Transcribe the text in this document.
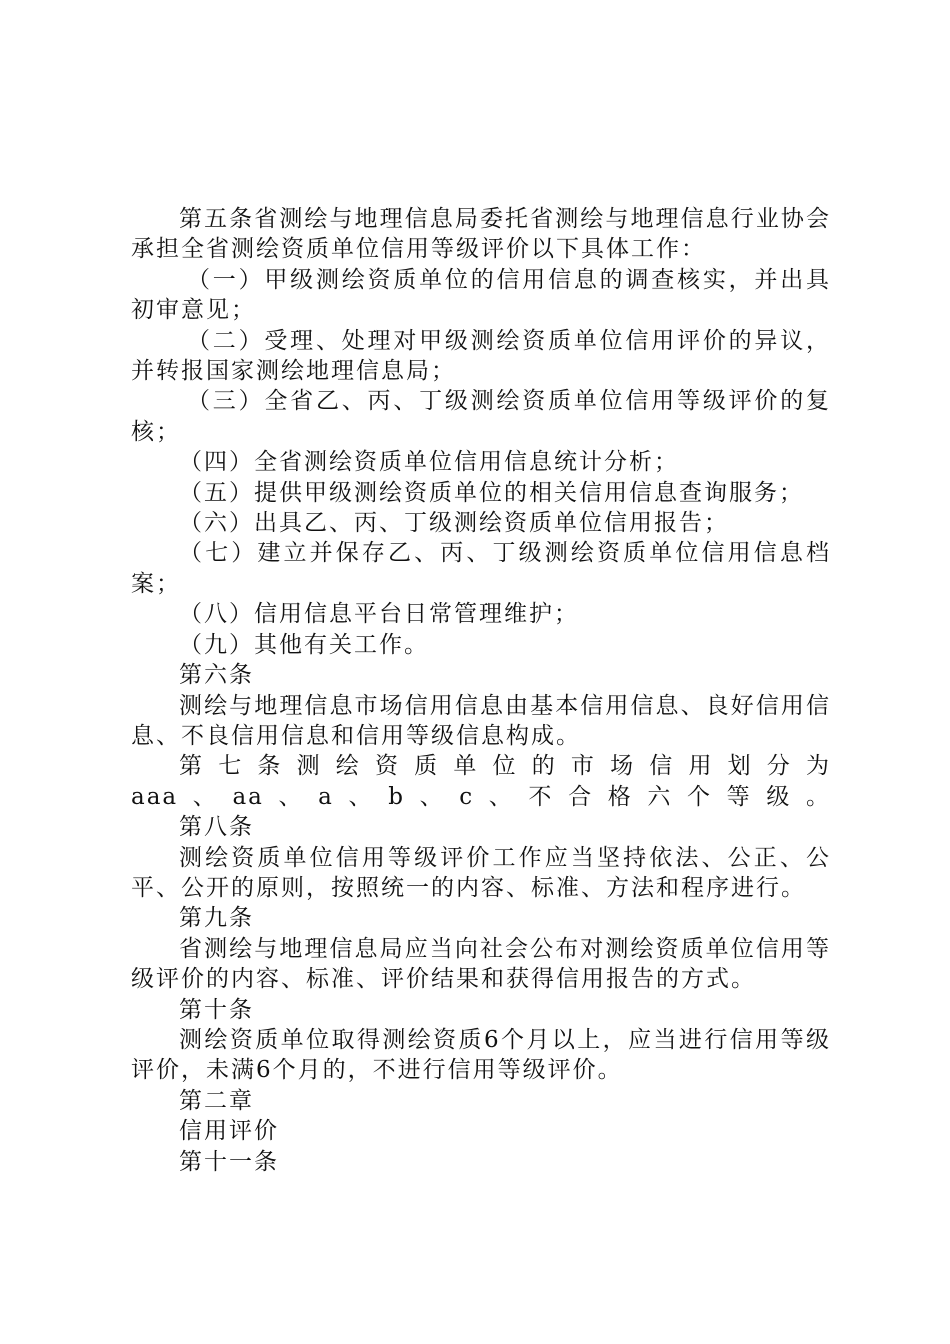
第五条省测绘与地理信息局委托省测绘与地理信息行业协会承担全省测绘资质单位信用等级评价以下具体工作：

（一）甲级测绘资质单位的信用信息的调查核实，并出具初审意见；

（二）受理、处理对甲级测绘资质单位信用评价的异议，并转报国家测绘地理信息局；

（三）全省乙、丙、丁级测绘资质单位信用等级评价的复核；

（四）全省测绘资质单位信用信息统计分析；

（五）提供甲级测绘资质单位的相关信用信息查询服务；

（六）出具乙、丙、丁级测绘资质单位信用报告；

（七）建立并保存乙、丙、丁级测绘资质单位信用信息档案；

（八）信用信息平台日常管理维护；

（九）其他有关工作。

第六条

测绘与地理信息市场信用信息由基本信用信息、良好信用信息、不良信用信息和信用等级信息构成。

第七条测绘资质单位的市场信用划分为
aaa、aa、a、b、c、不合格六个等级。

第八条

测绘资质单位信用等级评价工作应当坚持依法、公正、公平、公开的原则，按照统一的内容、标准、方法和程序进行。

第九条

省测绘与地理信息局应当向社会公布对测绘资质单位信用等级评价的内容、标准、评价结果和获得信用报告的方式。

第十条

测绘资质单位取得测绘资质6个月以上，应当进行信用等级评价，未满6个月的，不进行信用等级评价。

第二章

信用评价

第十一条
